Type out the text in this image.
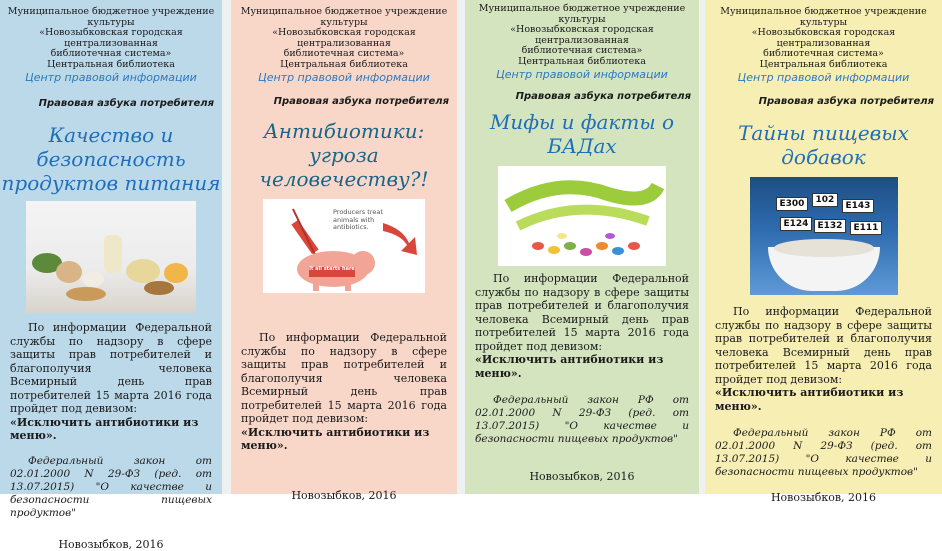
Муниципальное бюджетное учреждение культуры
«Новозыбковская городская централизованная
библиотечная система»
Центральная библиотека
Центр правовой информации
Правовая азбука потребителя
Качество и
безопасность
продуктов питания

По информации Федеральной службы по надзору в сфере защиты прав потребителей и благополучия человека Всемирный день прав потребителей 15 марта 2016 года пройдет под девизом:

«Исключить антибиотики из меню».

Федеральный закон от 02.01.2000 N 29-ФЗ (ред. от 13.07.2015) "О качестве и безопасности пищевых продуктов"

Новозыбков, 2016

Муниципальное бюджетное учреждение культуры
«Новозыбковская городская централизованная
библиотечная система»
Центральная библиотека
Центр правовой информации
Правовая азбука потребителя
Антибиотики:
угроза
человечеству?!
Producers treat
animals with
antibiotics.
It all starts here

По информации Федеральной службы по надзору в сфере защиты прав потребителей и благополучия человека Всемирный день прав потребителей 15 марта 2016 года пройдет под девизом:

«Исключить антибиотики из меню».

Новозыбков, 2016

Муниципальное бюджетное учреждение культуры
«Новозыбковская городская централизованная
библиотечная система»
Центральная библиотека
Центр правовой информации
Правовая азбука потребителя
Мифы и факты о
БАДах

По информации Федеральной службы по надзору в сфере защиты прав потребителей и благополучия человека Всемирный день прав потребителей 15 марта 2016 года пройдет под девизом:

«Исключить антибиотики из меню».

Федеральный закон РФ от 02.01.2000 N 29-ФЗ (ред. от 13.07.2015) "О качестве и безопасности пищевых продуктов"

Новозыбков, 2016

Муниципальное бюджетное учреждение культуры
«Новозыбковская городская централизованная
библиотечная система»
Центральная библиотека
Центр правовой информации
Правовая азбука потребителя
Тайны пищевых
добавок
E300	102
E143
E124	E132	E111

По информации Федеральной службы по надзору в сфере защиты прав потребителей и благополучия человека Всемирный день прав потребителей 15 марта 2016 года пройдет под девизом:

«Исключить антибиотики из меню».

Федеральный закон РФ от 02.01.2000 N 29-ФЗ (ред. от 13.07.2015) "О качестве и безопасности пищевых продуктов"

Новозыбков, 2016
